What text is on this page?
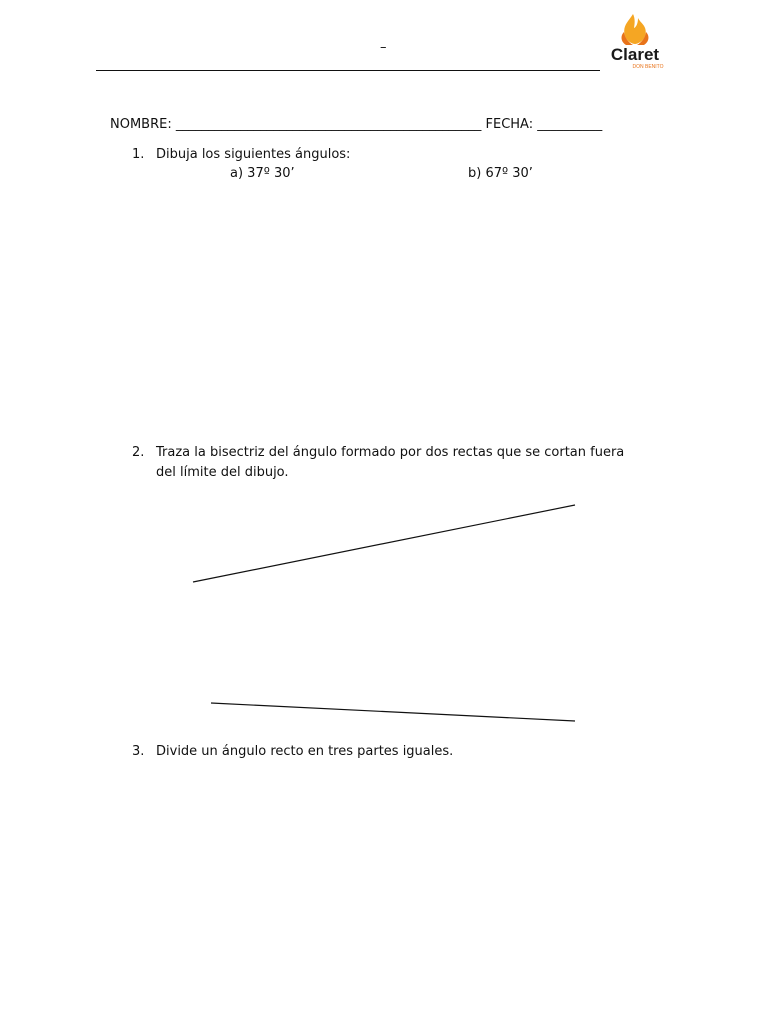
–	Claret
DON BENITO
NOMBRE: _______________________________________________ FECHA: __________
1. Dibuja los siguientes ángulos:
a) 37º 30’	b) 67º 30’
2. Traza la bisectriz del ángulo formado por dos rectas que se cortan fuera
del límite del dibujo.
3. Divide un ángulo recto en tres partes iguales.
